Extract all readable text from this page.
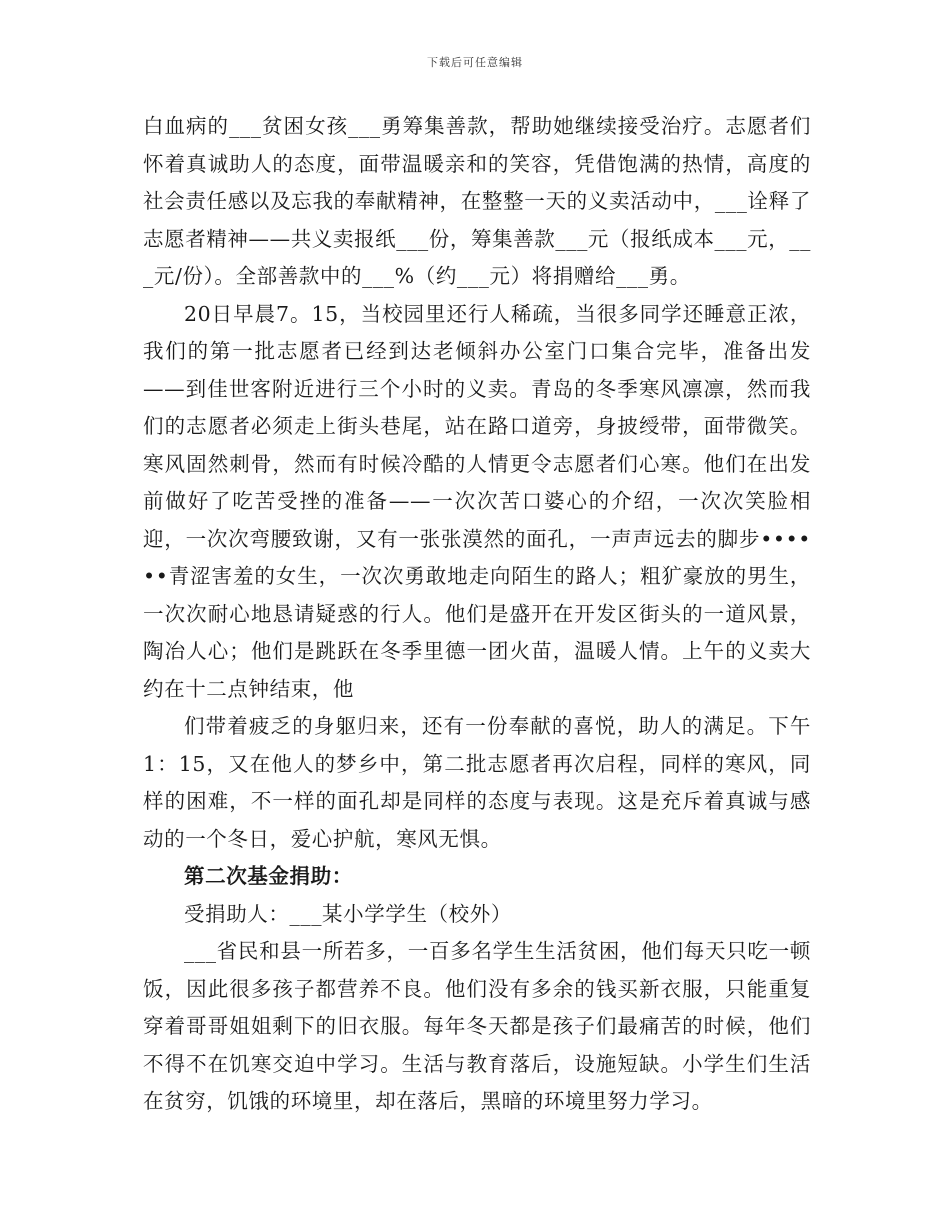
下载后可任意编辑

白血病的___贫困女孩___勇筹集善款，帮助她继续接受治疗。志愿者们怀着真诚助人的态度，面带温暖亲和的笑容，凭借饱满的热情，高度的社会责任感以及忘我的奉献精神，在整整一天的义卖活动中，___诠释了志愿者精神——共义卖报纸___份，筹集善款___元（报纸成本___元，___元/份）。全部善款中的___%（约___元）将捐赠给___勇。

20日早晨7。15，当校园里还行人稀疏，当很多同学还睡意正浓，我们的第一批志愿者已经到达老倾斜办公室门口集合完毕，准备出发——到佳世客附近进行三个小时的义卖。青岛的冬季寒风凛凛，然而我们的志愿者必须走上街头巷尾，站在路口道旁，身披绶带，面带微笑。寒风固然刺骨，然而有时候冷酷的人情更令志愿者们心寒。他们在出发前做好了吃苦受挫的准备——一次次苦口婆心的介绍，一次次笑脸相迎，一次次弯腰致谢，又有一张张漠然的面孔，一声声远去的脚步••••••青涩害羞的女生，一次次勇敢地走向陌生的路人；粗犷豪放的男生，一次次耐心地恳请疑惑的行人。他们是盛开在开发区街头的一道风景，陶冶人心；他们是跳跃在冬季里德一团火苗，温暖人情。上午的义卖大约在十二点钟结束，他

们带着疲乏的身躯归来，还有一份奉献的喜悦，助人的满足。下午1：15，又在他人的梦乡中，第二批志愿者再次启程，同样的寒风，同样的困难，不一样的面孔却是同样的态度与表现。这是充斥着真诚与感动的一个冬日，爱心护航，寒风无惧。

第二次基金捐助：

受捐助人：___某小学学生（校外）

___省民和县一所若多，一百多名学生生活贫困，他们每天只吃一顿饭，因此很多孩子都营养不良。他们没有多余的钱买新衣服，只能重复穿着哥哥姐姐剩下的旧衣服。每年冬天都是孩子们最痛苦的时候，他们不得不在饥寒交迫中学习。生活与教育落后，设施短缺。小学生们生活在贫穷，饥饿的环境里，却在落后，黑暗的环境里努力学习。
